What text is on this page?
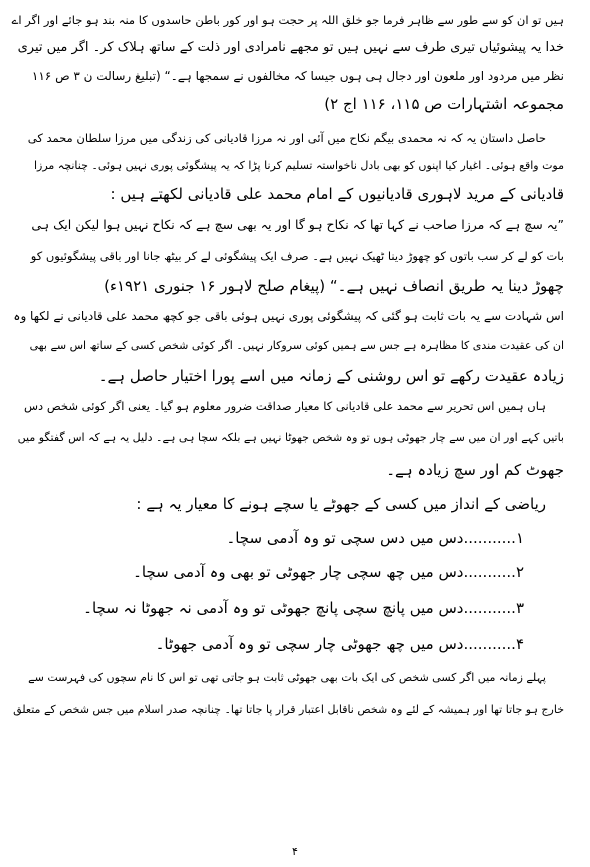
ہیں تو ان کو سے طور سے ظاہر فرما جو خلق اللہ پر حجت ہو اور کور باطن حاسدوں کا منہ بند ہو جائے اور اگر اے
خدا یہ پیشوئیاں تیری طرف سے نہیں ہیں تو مجھے نامرادی اور ذلت کے ساتھ ہلاک کر۔ اگر میں تیری
نظر میں مردود اور ملعون اور دجال ہی ہوں جیسا کہ مخالفوں نے سمجھا ہے۔“ (تبلیغ رسالت ن ۳ ص ۱۱۶
مجموعہ اشتہارات ص ۱۱۵، ۱۱۶ اج ۲)
حاصل داستان یہ کہ نہ محمدی بیگم نکاح میں آئی اور نہ مرزا قادیانی کی زندگی میں مرزا سلطان محمد کی
موت واقع ہوئی۔ اغیار کیا اپنوں کو بھی بادل ناخواستہ تسلیم کرنا پڑا کہ یہ پیشگوئی پوری نہیں ہوئی۔ چنانچہ مرزا
قادیانی کے مرید لاہوری قادیانیوں کے امام محمد علی قادیانی لکھتے ہیں :
”یہ سچ ہے کہ مرزا صاحب نے کہا تھا کہ نکاح ہو گا اور یہ بھی سچ ہے کہ نکاح نہیں ہوا لیکن ایک ہی
بات کو لے کر سب باتوں کو چھوڑ دینا ٹھیک نہیں ہے۔ صرف ایک پیشگوئی لے کر بیٹھ جانا اور باقی پیشگوئیوں کو
چھوڑ دینا یہ طریق انصاف نہیں ہے۔“ (پیغام صلح لاہور ۱۶ جنوری ۱۹۲۱ء)
اس شہادت سے یہ بات ثابت ہو گئی کہ پیشگوئی پوری نہیں ہوئی باقی جو کچھ محمد علی قادیانی نے لکھا وہ
ان کی عقیدت مندی کا مظاہرہ ہے جس سے ہمیں کوئی سروکار نہیں۔ اگر کوئی شخص کسی کے ساتھ اس سے بھی
زیادہ عقیدت رکھے تو اس روشنی کے زمانہ میں اسے پورا اختیار حاصل ہے۔
ہاں ہمیں اس تحریر سے محمد علی قادیانی کا معیار صداقت ضرور معلوم ہو گیا۔ یعنی اگر کوئی شخص دس
باتیں کہے اور ان میں سے چار جھوٹی ہوں تو وہ شخص جھوٹا نہیں ہے بلکہ سچا ہی ہے۔ دلیل یہ ہے کہ اس گفتگو میں
جھوٹ کم اور سچ زیادہ ہے۔
ریاضی کے انداز میں کسی کے جھوٹے یا سچے ہونے کا معیار یہ ہے :
۱...........دس میں دس سچی تو وہ آدمی سچا۔
۲...........دس میں چھ سچی چار جھوٹی تو بھی وہ آدمی سچا۔
۳...........دس میں پانچ سچی پانچ جھوٹی تو وہ آدمی نہ جھوٹا نہ سچا۔
۴...........دس میں چھ جھوٹی چار سچی تو وہ آدمی جھوٹا۔
پہلے زمانہ میں اگر کسی شخص کی ایک بات بھی جھوٹی ثابت ہو جاتی تھی تو اس کا نام سچوں کی فہرست سے
خارج ہو جاتا تھا اور ہمیشہ کے لئے وہ شخص ناقابل اعتبار قرار پا جاتا تھا۔ چنانچہ صدر اسلام میں جس شخص کے متعلق
۴
